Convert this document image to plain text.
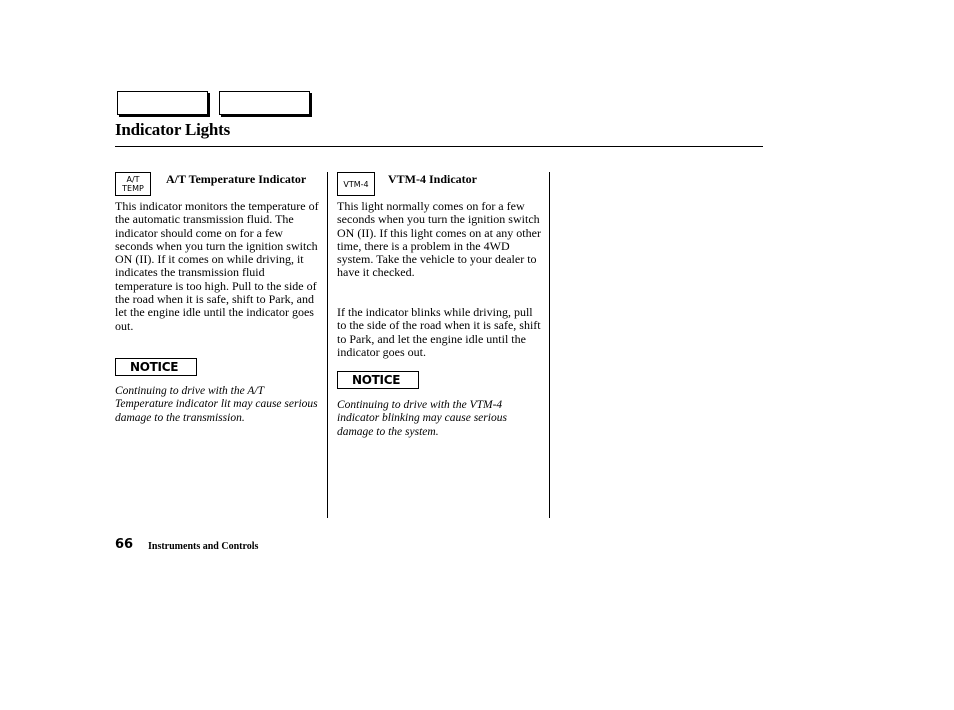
Indicator Lights
A/T
TEMP
A/T Temperature Indicator

This indicator monitors the temperature of the automatic transmission fluid. The indicator should come on for a few seconds when you turn the ignition switch ON (II). If it comes on while driving, it indicates the transmission fluid temperature is too high. Pull to the side of the road when it is safe, shift to Park, and let the engine idle until the indicator goes out.

NOTICE

Continuing to drive with the A/T Temperature indicator lit may cause serious damage to the transmission.

VTM-4	VTM-4 Indicator

This light normally comes on for a few seconds when you turn the ignition switch ON (II). If this light comes on at any other time, there is a problem in the 4WD system. Take the vehicle to your dealer to have it checked.

If the indicator blinks while driving, pull to the side of the road when it is safe, shift to Park, and let the engine idle until the indicator goes out.

NOTICE

Continuing to drive with the VTM-4 indicator blinking may cause serious damage to the system.

66 Instruments and Controls
